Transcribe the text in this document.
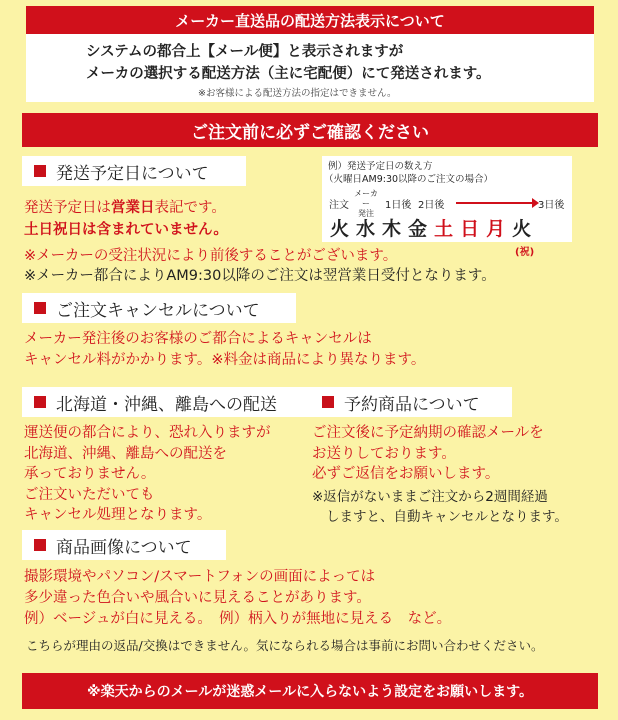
メーカー直送品の配送方法表示について
システムの都合上【メール便】と表示されますが
メーカの選択する配送方法（主に宅配便）にて発送されます。
※お客様による配送方法の指定はできません。
ご注文前に必ずご確認ください
発送予定日について	例）発送予定日の数え方
（火曜日AM9:30以降のご注文の場合）
注文
メーカー
発注
1日後 2日後	3日後
火 水 木 金 土 日 月 火
(祝)
発送予定日は営業日表記です。
土日祝日は含まれていません。
※メーカーの受注状況により前後することがございます。
※メーカー都合によりAM9:30以降のご注文は翌営業日受付となります。
ご注文キャンセルについて
メーカー発注後のお客様のご都合によるキャンセルは
キャンセル料がかかります。※料金は商品により異なります。
北海道・沖縄、離島への配送
運送便の都合により、恐れ入りますが
北海道、沖縄、離島への配送を
承っておりません。
ご注文いただいても
キャンセル処理となります。
予約商品について
ご注文後に予定納期の確認メールを
お送りしております。
必ずご返信をお願いします。
※返信がないままご注文から2週間経過
しますと、自動キャンセルとなります。
商品画像について
撮影環境やパソコン/スマートフォンの画面によっては
多少違った色合いや風合いに見えることがあります。
例）ベージュが白に見える。　例）柄入りが無地に見える　など。
こちらが理由の返品/交換はできません。気になられる場合は事前にお問い合わせください。
※楽天からのメールが迷惑メールに入らないよう設定をお願いします。
